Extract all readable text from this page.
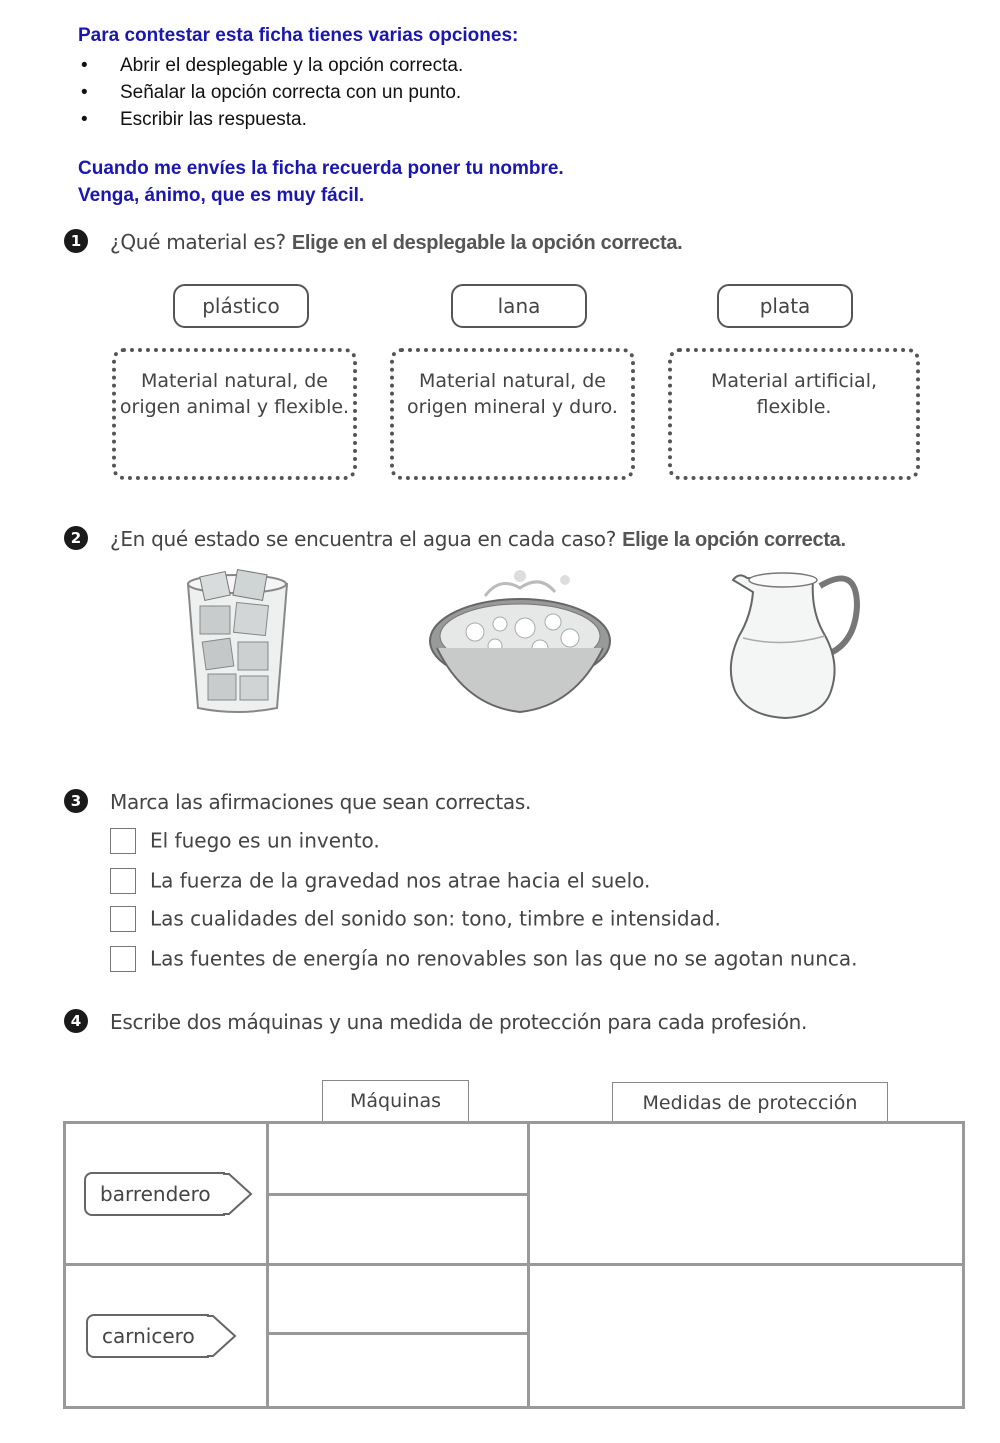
Para contestar esta ficha tienes varias opciones:
• Abrir el desplegable y la opción correcta.
• Señalar la opción correcta con un punto.
• Escribir las respuesta.
Cuando me envíes la ficha recuerda poner tu nombre.
Venga, ánimo, que es muy fácil.
1	¿Qué material es? Elige en el desplegable la opción correcta.
plástico	lana	plata
Material natural, de
origen animal y flexible.
Material natural, de
origen mineral y duro.
Material artificial,
flexible.
2	¿En qué estado se encuentra el agua en cada caso? Elige la opción correcta.
3	Marca las afirmaciones que sean correctas.
El fuego es un invento.
La fuerza de la gravedad nos atrae hacia el suelo.
Las cualidades del sonido son: tono, timbre e intensidad.
Las fuentes de energía no renovables son las que no se agotan nunca.
4	Escribe dos máquinas y una medida de protección para cada profesión.
Máquinas	Medidas de protección
barrendero		

carnicero		
